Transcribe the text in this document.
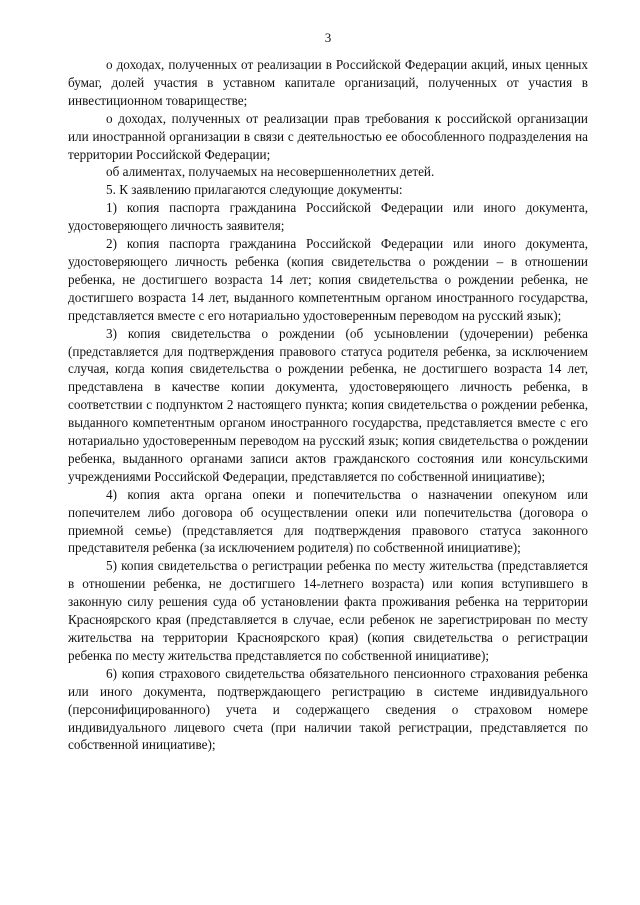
3

о доходах, полученных от реализации в Российской Федерации акций, иных ценных бумаг, долей участия в уставном капитале организаций, полученных от участия в инвестиционном товариществе;

о доходах, полученных от реализации прав требования к российской организации или иностранной организации в связи с деятельностью ее обособленного подразделения на территории Российской Федерации;

об алиментах, получаемых на несовершеннолетних детей.

5. К заявлению прилагаются следующие документы:

1) копия паспорта гражданина Российской Федерации или иного документа, удостоверяющего личность заявителя;

2) копия паспорта гражданина Российской Федерации или иного документа, удостоверяющего личность ребенка (копия свидетельства о рождении – в отношении ребенка, не достигшего возраста 14 лет; копия свидетельства о рождении ребенка, не достигшего возраста 14 лет, выданного компетентным органом иностранного государства, представляется вместе с его нотариально удостоверенным переводом на русский язык);

3) копия свидетельства о рождении (об усыновлении (удочерении) ребенка (представляется для подтверждения правового статуса родителя ребенка, за исключением случая, когда копия свидетельства о рождении ребенка, не достигшего возраста 14 лет, представлена в качестве копии документа, удостоверяющего личность ребенка, в соответствии с подпунктом 2 настоящего пункта; копия свидетельства о рождении ребенка, выданного компетентным органом иностранного государства, представляется вместе с его нотариально удостоверенным переводом на русский язык; копия свидетельства о рождении ребенка, выданного органами записи актов гражданского состояния или консульскими учреждениями Российской Федерации, представляется по собственной инициативе);

4) копия акта органа опеки и попечительства о назначении опекуном или попечителем либо договора об осуществлении опеки или попечительства (договора о приемной семье) (представляется для подтверждения правового статуса законного представителя ребенка (за исключением родителя) по собственной инициативе);

5) копия свидетельства о регистрации ребенка по месту жительства (представляется в отношении ребенка, не достигшего 14-летнего возраста) или копия вступившего в законную силу решения суда об установлении факта проживания ребенка на территории Красноярского края (представляется в случае, если ребенок не зарегистрирован по месту жительства на территории Красноярского края) (копия свидетельства о регистрации ребенка по месту жительства представляется по собственной инициативе);

6) копия страхового свидетельства обязательного пенсионного страхования ребенка или иного документа, подтверждающего регистрацию в системе индивидуального (персонифицированного) учета и содержащего сведения о страховом номере индивидуального лицевого счета (при наличии такой регистрации, представляется по собственной инициативе);
